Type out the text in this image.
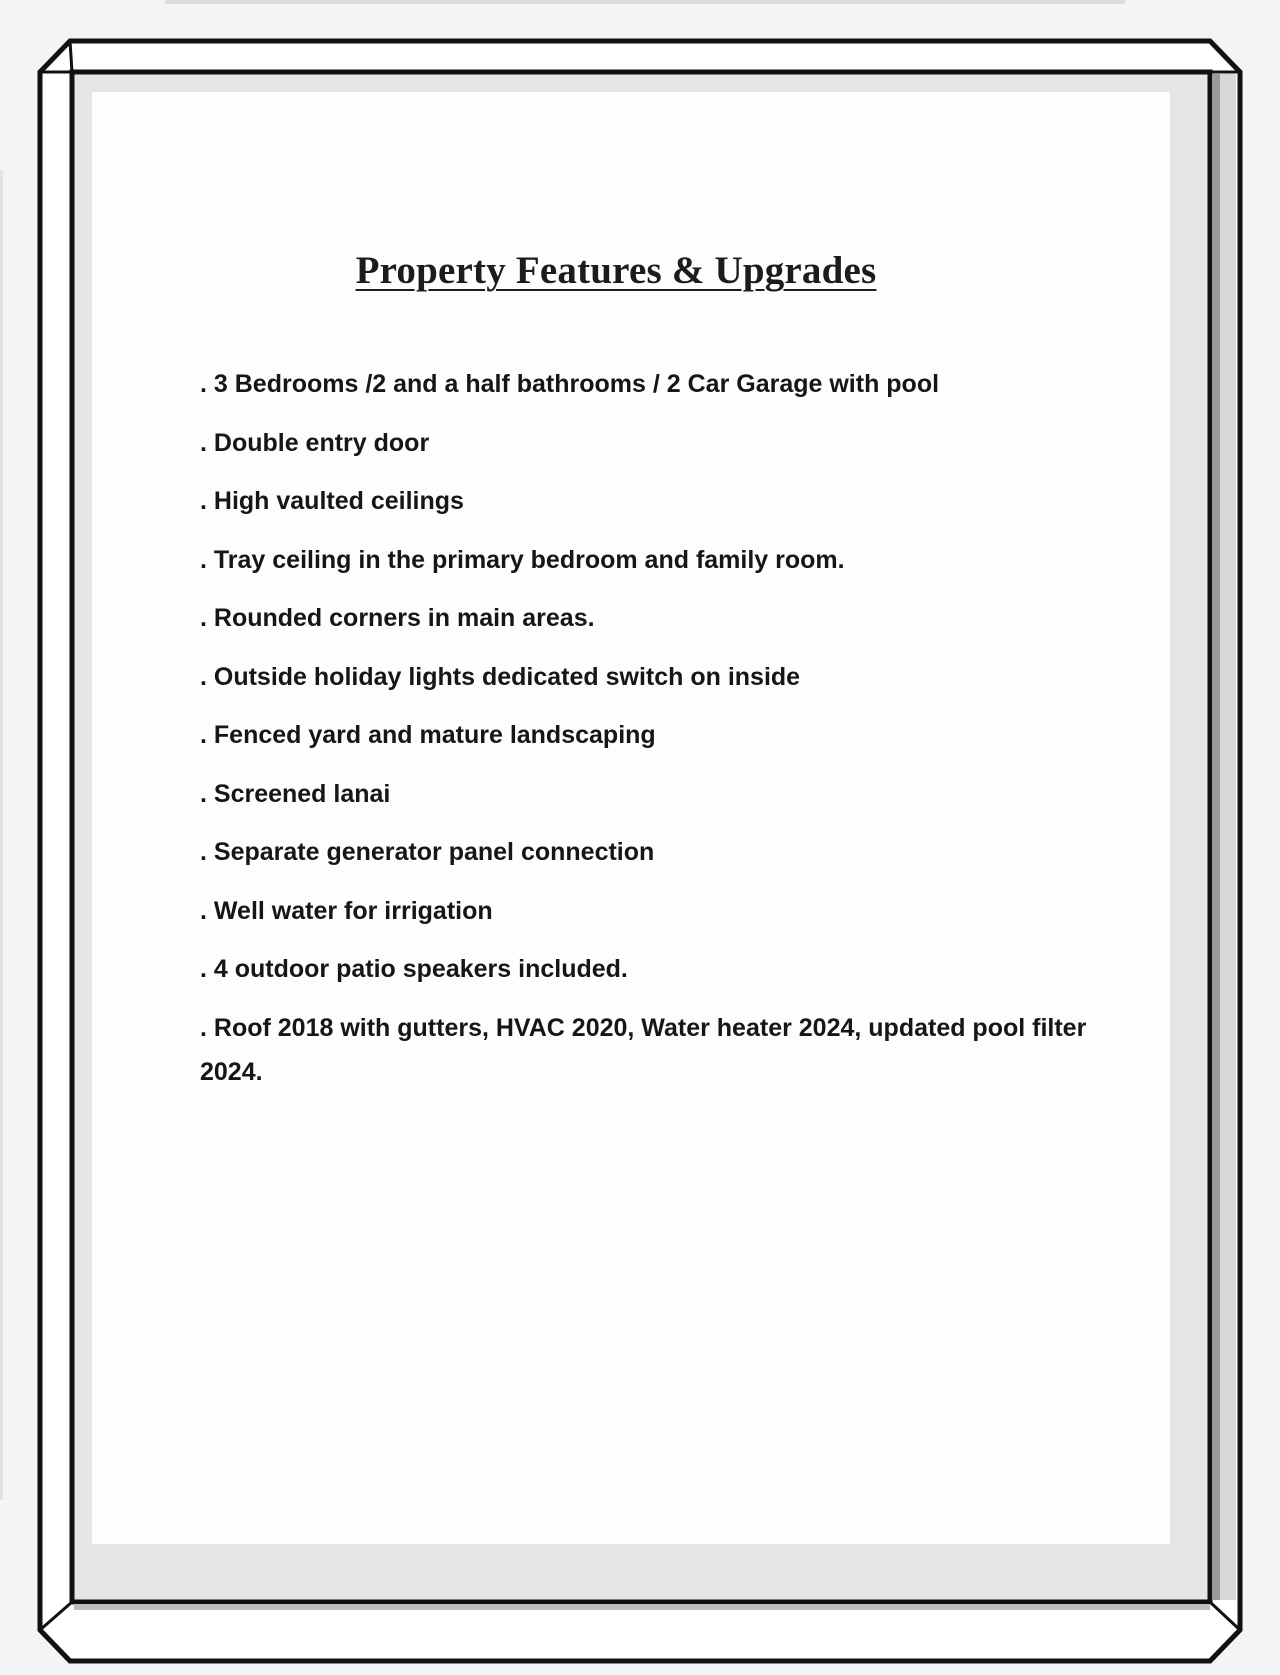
Property Features & Upgrades
. 3 Bedrooms /2 and a half bathrooms / 2 Car Garage with pool
. Double entry door
. High vaulted ceilings
. Tray ceiling in the primary bedroom and family room.
. Rounded corners in main areas.
. Outside holiday lights dedicated switch on inside
. Fenced yard and mature landscaping
. Screened lanai
. Separate generator panel connection
. Well water for irrigation
. 4 outdoor patio speakers included.
. Roof 2018 with gutters, HVAC 2020, Water heater 2024, updated pool filter 2024.
